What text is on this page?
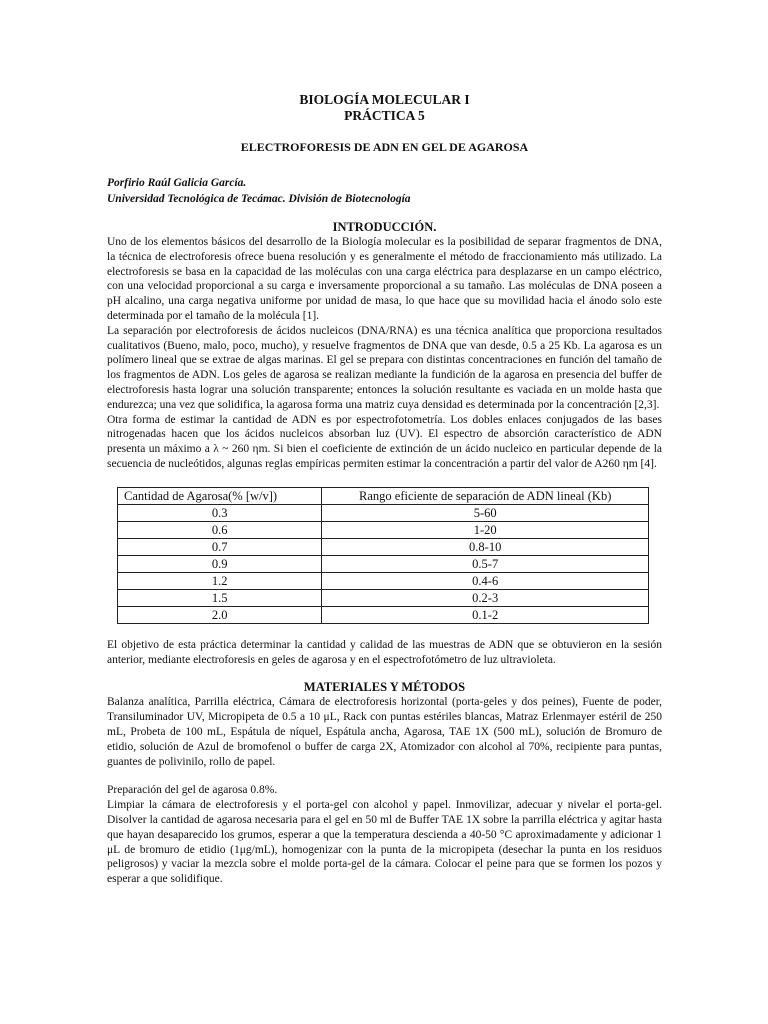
BIOLOGÍA MOLECULAR I
PRÁCTICA 5
ELECTROFORESIS DE ADN EN GEL DE AGAROSA
Porfirio Raúl Galicia García.
Universidad Tecnológica de Tecámac. División de Biotecnología
INTRODUCCIÓN.

Uno de los elementos básicos del desarrollo de la Biología molecular es la posibilidad de separar fragmentos de DNA, la técnica de electroforesis ofrece buena resolución y es generalmente el método de fraccionamiento más utilizado. La electroforesis se basa en la capacidad de las moléculas con una carga eléctrica para desplazarse en un campo eléctrico, con una velocidad proporcional a su carga e inversamente proporcional a su tamaño. Las moléculas de DNA poseen a pH alcalino, una carga negativa uniforme por unidad de masa, lo que hace que su movilidad hacia el ánodo solo este determinada por el tamaño de la molécula [1].

La separación por electroforesis de ácidos nucleicos (DNA/RNA) es una técnica analítica que proporciona resultados cualitativos (Bueno, malo, poco, mucho), y resuelve fragmentos de DNA que van desde, 0.5 a 25 Kb. La agarosa es un polímero lineal que se extrae de algas marinas. El gel se prepara con distintas concentraciones en función del tamaño de los fragmentos de ADN. Los geles de agarosa se realizan mediante la fundición de la agarosa en presencia del buffer de electroforesis hasta lograr una solución transparente; entonces la solución resultante es vaciada en un molde hasta que endurezca; una vez que solidifica, la agarosa forma una matriz cuya densidad es determinada por la concentración [2,3].

Otra forma de estimar la cantidad de ADN es por espectrofotometría. Los dobles enlaces conjugados de las bases nitrogenadas hacen que los ácidos nucleicos absorban luz (UV). El espectro de absorción característico de ADN presenta un máximo a λ ~ 260 ηm. Si bien el coeficiente de extinción de un ácido nucleico en particular depende de la secuencia de nucleótidos, algunas reglas empíricas permiten estimar la concentración a partir del valor de A260 ηm [4].

Cantidad de Agarosa(% [w/v])	Rango eficiente de separación de ADN lineal (Kb)
0.3	5-60
0.6	1-20
0.7	0.8-10
0.9	0.5-7
1.2	0.4-6
1.5	0.2-3
2.0	0.1-2

El objetivo de esta práctica determinar la cantidad y calidad de las muestras de ADN que se obtuvieron en la sesión anterior, mediante electroforesis en geles de agarosa y en el espectrofotómetro de luz ultravioleta.

MATERIALES Y MÉTODOS

Balanza analítica, Parrilla eléctrica, Cámara de electroforesis horizontal (porta-geles y dos peines), Fuente de poder, Transiluminador UV, Micropipeta de 0.5 a 10 μL, Rack con puntas estériles blancas, Matraz Erlenmayer estéril de 250 mL, Probeta de 100 mL, Espátula de níquel, Espátula ancha, Agarosa, TAE 1X (500 mL), solución de Bromuro de etidio, solución de Azul de bromofenol o buffer de carga 2X, Atomizador con alcohol al 70%, recipiente para puntas, guantes de polivinilo, rollo de papel.

Preparación del gel de agarosa 0.8%.

Limpiar la cámara de electroforesis y el porta-gel con alcohol y papel. Inmovilizar, adecuar y nivelar el porta-gel. Disolver la cantidad de agarosa necesaria para el gel en 50 ml de Buffer TAE 1X sobre la parrilla eléctrica y agitar hasta que hayan desaparecido los grumos, esperar a que la temperatura descienda a 40-50 °C aproximadamente y adicionar 1 μL de bromuro de etidio (1μg/mL), homogenizar con la punta de la micropipeta (desechar la punta en los residuos peligrosos) y vaciar la mezcla sobre el molde porta-gel de la cámara. Colocar el peine para que se formen los pozos y esperar a que solidifique.
